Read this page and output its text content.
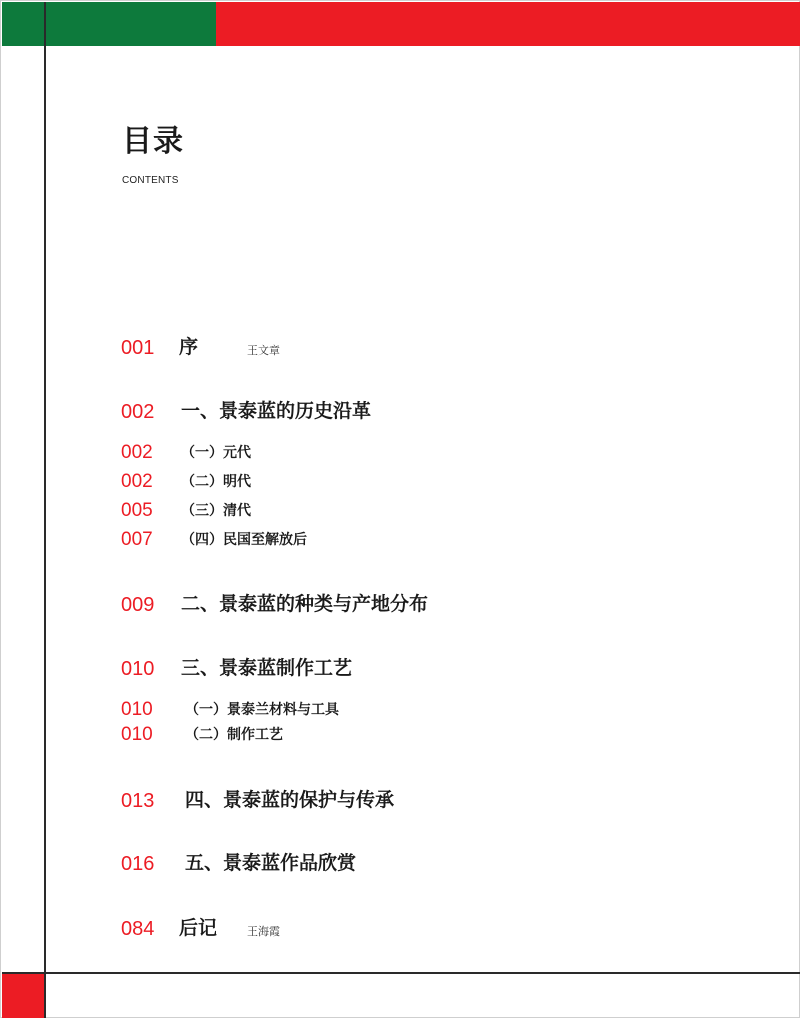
目录
CONTENTS
001 序	王文章
002 一、景泰蓝的历史沿革
002 （一）元代
002 （二）明代
005 （三）清代
007 （四）民国至解放后
009 二、景泰蓝的种类与产地分布
010 三、景泰蓝制作工艺
010 （一）景泰兰材料与工具
010 （二）制作工艺
013 四、景泰蓝的保护与传承
016 五、景泰蓝作品欣赏
084 后记	王海霞
